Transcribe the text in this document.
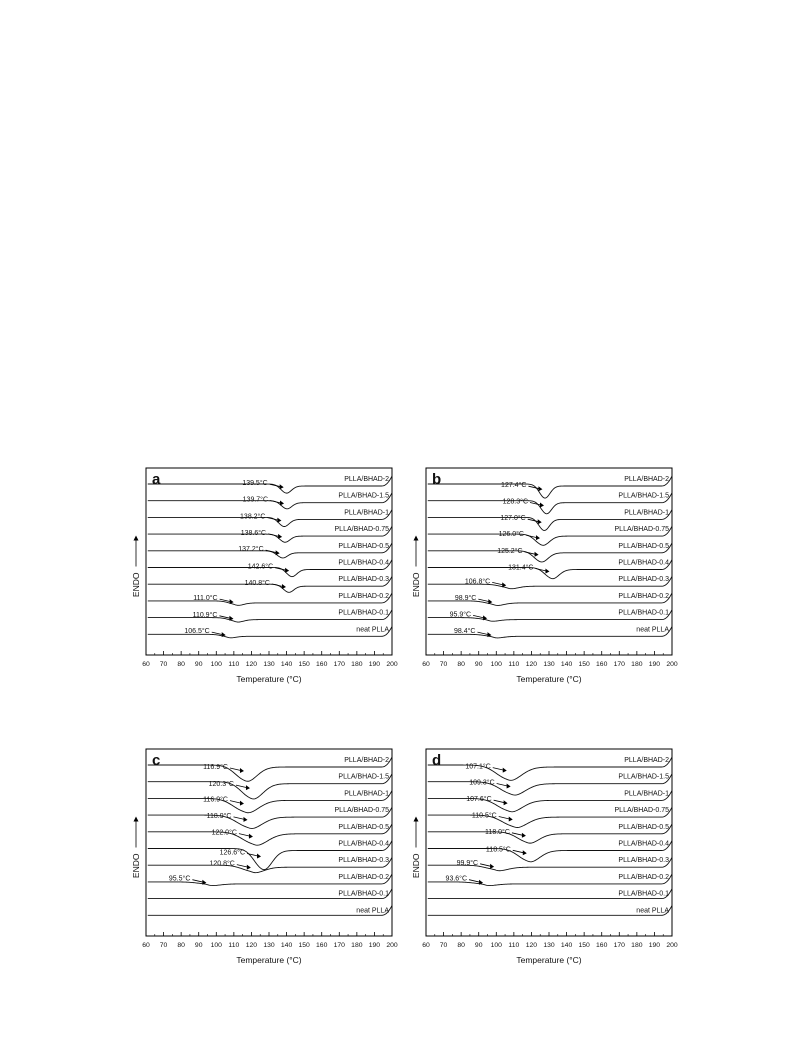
a
60 70 80 90 100 110 120 130 140 150 160 170 180 190 200
Temperature (°C)
ENDO
PLLA/BHAD-2
139.5°C
PLLA/BHAD-1.5
139.7°C
PLLA/BHAD-1
138.2°C
PLLA/BHAD-0.75
138.6°C
PLLA/BHAD-0.5
137.2°C
PLLA/BHAD-0.4
142.6°C
PLLA/BHAD-0.3
140.8°C
PLLA/BHAD-0.2
111.0°C
PLLA/BHAD-0.1
110.9°C
neat PLLA
106.5°C
b
60 70 80 90 100 110 120 130 140 150 160 170 180 190 200
Temperature (°C)
ENDO
PLLA/BHAD-2
127.4°C
PLLA/BHAD-1.5
128.3°C
PLLA/BHAD-1
127.0°C
PLLA/BHAD-0.75
126.0°C
PLLA/BHAD-0.5
125.2°C
PLLA/BHAD-0.4
131.4°C
PLLA/BHAD-0.3
106.8°C
PLLA/BHAD-0.2
98.9°C
PLLA/BHAD-0.1
95.9°C
neat PLLA
98.4°C
c
60 70 80 90 100 110 120 130 140 150 160 170 180 190 200
Temperature (°C)
ENDO
PLLA/BHAD-2
116.9°C
PLLA/BHAD-1.5
120.3°C
PLLA/BHAD-1
116.9°C
PLLA/BHAD-0.75
118.9°C
PLLA/BHAD-0.5
122.0°C
PLLA/BHAD-0.4
126.6°C
PLLA/BHAD-0.3
120.8°C
PLLA/BHAD-0.2
95.5°C
PLLA/BHAD-0.1
neat PLLA
d
60 70 80 90 100 110 120 130 140 150 160 170 180 190 200
Temperature (°C)
ENDO
PLLA/BHAD-2
107.1°C
PLLA/BHAD-1.5
109.3°C
PLLA/BHAD-1
107.6°C
PLLA/BHAD-0.75
110.5°C
PLLA/BHAD-0.5
118.0°C
PLLA/BHAD-0.4
118.5°C
PLLA/BHAD-0.3
99.9°C
PLLA/BHAD-0.2
93.6°C
PLLA/BHAD-0.1
neat PLLA
